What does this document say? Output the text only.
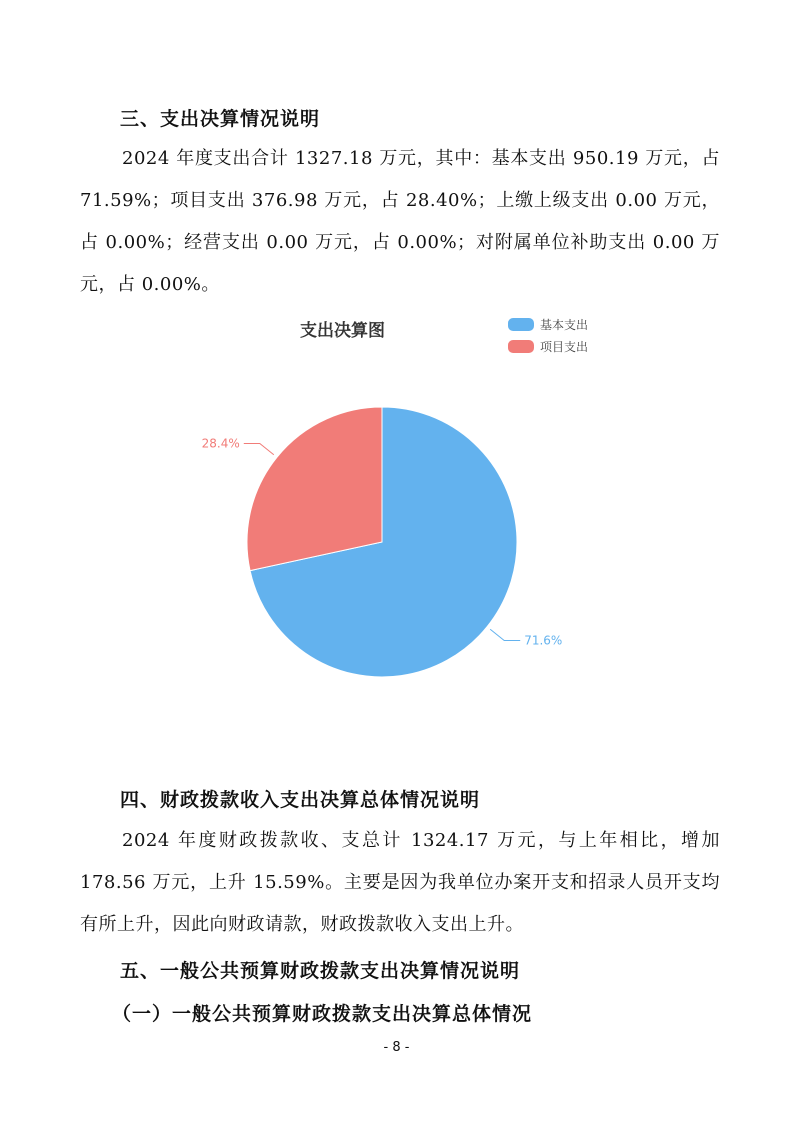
三、支出决算情况说明
2024 年度支出合计 1327.18 万元，其中：基本支出 950.19 万元，占 71.59%；项目支出 376.98 万元，占 28.40%；上缴上级支出 0.00 万元，占 0.00%；经营支出 0.00 万元，占 0.00%；对附属单位补助支出 0.00 万元，占 0.00%。
支出决算图	基本支出
项目支出
71.6%
28.4%
四、财政拨款收入支出决算总体情况说明
2024 年度财政拨款收、支总计 1324.17 万元，与上年相比，增加 178.56 万元，上升 15.59%。主要是因为我单位办案开支和招录人员开支均有所上升，因此向财政请款，财政拨款收入支出上升。
五、一般公共预算财政拨款支出决算情况说明
（一）一般公共预算财政拨款支出决算总体情况
- 8 -
